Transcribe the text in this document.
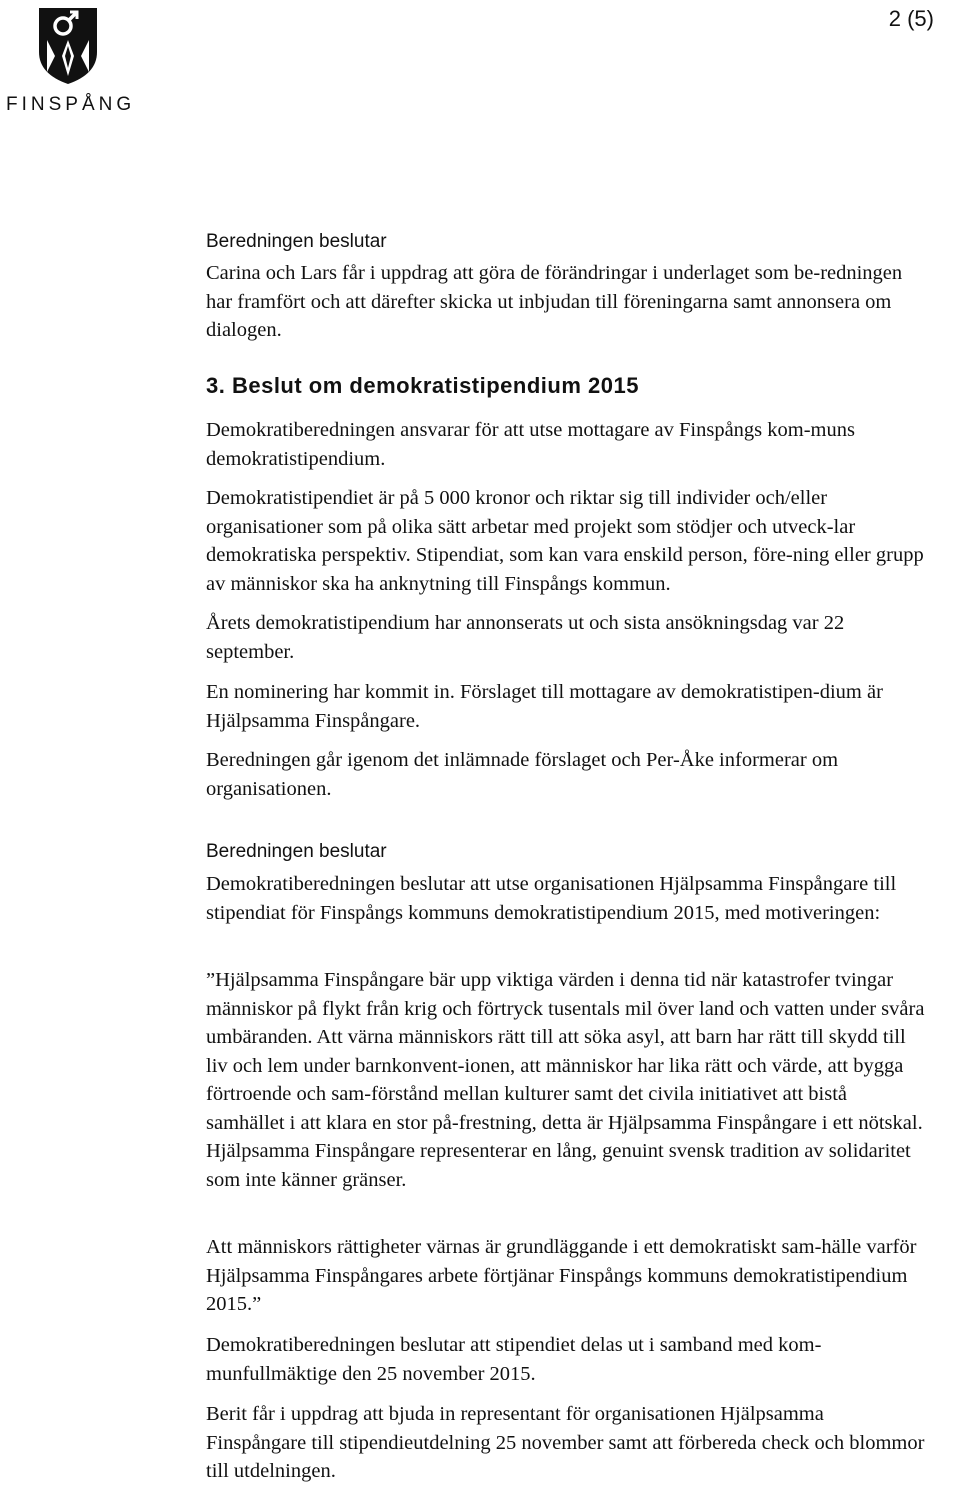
FINSPÅNG
2 (5)
Beredningen beslutar

Carina och Lars får i uppdrag att göra de förändringar i underlaget som be-redningen har framfört och att därefter skicka ut inbjudan till föreningarna samt annonsera om dialogen.

3. Beslut om demokratistipendium 2015

Demokratiberedningen ansvarar för att utse mottagare av Finspångs kom-muns demokratistipendium.

Demokratistipendiet är på 5 000 kronor och riktar sig till individer och/eller organisationer som på olika sätt arbetar med projekt som stödjer och utveck-lar demokratiska perspektiv. Stipendiat, som kan vara enskild person, före-ning eller grupp av människor ska ha anknytning till Finspångs kommun.

Årets demokratistipendium har annonserats ut och sista ansökningsdag var 22 september.

En nominering har kommit in. Förslaget till mottagare av demokratistipen-dium är Hjälpsamma Finspångare.

Beredningen går igenom det inlämnade förslaget och Per-Åke informerar om organisationen.

Beredningen beslutar

Demokratiberedningen beslutar att utse organisationen Hjälpsamma Finspångare till stipendiat för Finspångs kommuns demokratistipendium 2015, med motiveringen:

”Hjälpsamma Finspångare bär upp viktiga värden i denna tid när katastrofer tvingar människor på flykt från krig och förtryck tusentals mil över land och vatten under svåra umbäranden. Att värna människors rätt till att söka asyl, att barn har rätt till skydd till liv och lem under barnkonvent-ionen, att människor har lika rätt och värde, att bygga förtroende och sam-förstånd mellan kulturer samt det civila initiativet att bistå samhället i att klara en stor på-frestning, detta är Hjälpsamma Finspångare i ett nötskal. Hjälpsamma Finspångare representerar en lång, genuint svensk tradition av solidaritet som inte känner gränser.

Att människors rättigheter värnas är grundläggande i ett demokratiskt sam-hälle varför Hjälpsamma Finspångares arbete förtjänar Finspångs kommuns demokratistipendium 2015.”

Demokratiberedningen beslutar att stipendiet delas ut i samband med kom-munfullmäktige den 25 november 2015.

Berit får i uppdrag att bjuda in representant för organisationen Hjälpsamma Finspångare till stipendieutdelning 25 november samt att förbereda check och blommor till utdelningen.
